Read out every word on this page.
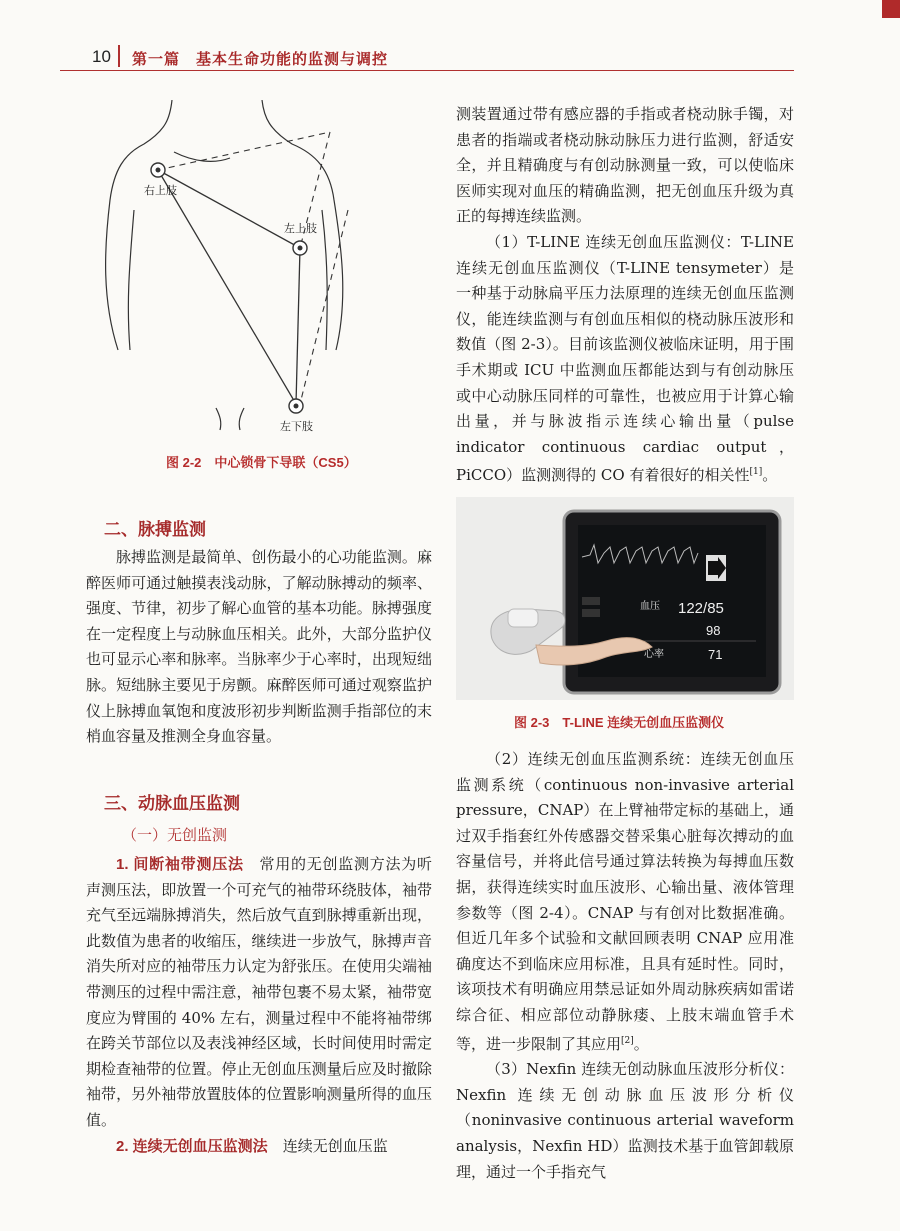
10 第一篇　基本生命功能的监测与调控
右上肢
左上肢
左下肢
图 2-2　中心锁骨下导联（CS5）

测装置通过带有感应器的手指或者桡动脉手镯，对患者的指端或者桡动脉动脉压力进行监测，舒适安全，并且精确度与有创动脉测量一致，可以使临床医师实现对血压的精确监测，把无创血压升级为真正的每搏连续监测。

（1）T-LINE 连续无创血压监测仪：T-LINE 连续无创血压监测仪（T-LINE tensymeter）是一种基于动脉扁平压力法原理的连续无创血压监测仪，能连续监测与有创血压相似的桡动脉压波形和数值（图 2-3）。目前该监测仪被临床证明，用于围手术期或 ICU 中监测血压都能达到与有创动脉压或中心动脉压同样的可靠性，也被应用于计算心输出量，并与脉波指示连续心输出量（pulse indicator continuous cardiac output，PiCCO）监测测得的 CO 有着很好的相关性[1]。

二、脉搏监测

脉搏监测是最简单、创伤最小的心功能监测。麻醉医师可通过触摸表浅动脉，了解动脉搏动的频率、强度、节律，初步了解心血管的基本功能。脉搏强度在一定程度上与动脉血压相关。此外，大部分监护仪也可显示心率和脉率。当脉率少于心率时，出现短绌脉。短绌脉主要见于房颤。麻醉医师可通过观察监护仪上脉搏血氧饱和度波形初步判断监测手指部位的末梢血容量及推测全身血容量。

血压 122/85
98
心率	71
图 2-3　T-LINE 连续无创血压监测仪
三、动脉血压监测
（一）无创监测

1. 间断袖带测压法　常用的无创监测方法为听声测压法，即放置一个可充气的袖带环绕肢体，袖带充气至远端脉搏消失，然后放气直到脉搏重新出现，此数值为患者的收缩压，继续进一步放气，脉搏声音消失所对应的袖带压力认定为舒张压。在使用尖端袖带测压的过程中需注意，袖带包裹不易太紧，袖带宽度应为臂围的 40% 左右，测量过程中不能将袖带绑在跨关节部位以及表浅神经区域，长时间使用时需定期检查袖带的位置。停止无创血压测量后应及时撤除袖带，另外袖带放置肢体的位置影响测量所得的血压值。

2. 连续无创血压监测法　连续无创血压监

（2）连续无创血压监测系统：连续无创血压监测系统（continuous non-invasive arterial pressure，CNAP）在上臂袖带定标的基础上，通过双手指套红外传感器交替采集心脏每次搏动的血容量信号，并将此信号通过算法转换为每搏血压数据，获得连续实时血压波形、心输出量、液体管理参数等（图 2-4）。CNAP 与有创对比数据准确。但近几年多个试验和文献回顾表明 CNAP 应用准确度达不到临床应用标准，且具有延时性。同时，该项技术有明确应用禁忌证如外周动脉疾病如雷诺综合征、相应部位动静脉瘘、上肢末端血管手术等，进一步限制了其应用[2]。

（3）Nexfin 连续无创动脉血压波形分析仪：Nexfin 连续无创动脉血压波形分析仪（noninvasive continuous arterial waveform analysis，Nexfin HD）监测技术基于血管卸载原理，通过一个手指充气
